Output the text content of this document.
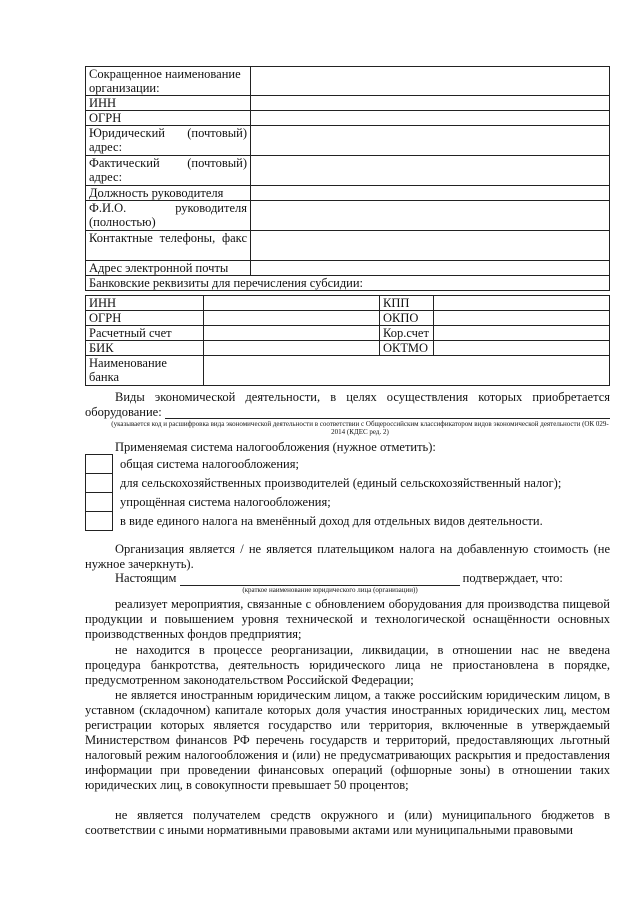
Сокращенное наименование организации:	
ИНН	
ОГРН	
Юридический (почтовый) адрес:	
Фактический (почтовый) адрес:	
Должность руководителя	
Ф.И.О. руководителя (полностью)	
Контактные телефоны, факс	
Адрес электронной почты	
Банковские реквизиты для перечисления субсидии:	
ИНН		КПП	
ОГРН		ОКПО	
Расчетный счет		Кор.счет	
БИК		ОКТМО	
Наименование банка			
Виды экономической деятельности, в целях осуществления которых приобретается оборудование:
(указывается код и расшифровка вида экономической деятельности в соответствии с Общероссийским классификатором видов экономической деятельности (ОК 029-2014 (КДЕС ред. 2)
Применяемая система налогообложения (нужное отметить):
общая система налогообложения;
для сельскохозяйственных производителей (единый сельскохозяйственный налог);
упрощённая система налогообложения;
в виде единого налога на вменённый доход для отдельных видов деятельности.
Организация является / не является плательщиком налога на добавленную стоимость (не нужное зачеркнуть).
Настоящим	подтверждает, что:
(краткое наименование юридического лица (организации))
реализует мероприятия, связанные с обновлением оборудования для производства пищевой продукции и повышением уровня технической и технологической оснащённости основных производственных фондов предприятия;
не находится в процессе реорганизации, ликвидации, в отношении нас не введена процедура банкротства, деятельность юридического лица не приостановлена в порядке, предусмотренном законодательством Российской Федерации;
не является иностранным юридическим лицом, а также российским юридическим лицом, в уставном (складочном) капитале которых доля участия иностранных юридических лиц, местом регистрации которых является государство или территория, включенные в утверждаемый Министерством финансов РФ перечень государств и территорий, предоставляющих льготный налоговый режим налогообложения и (или) не предусматривающих раскрытия и предоставления информации при проведении финансовых операций (офшорные зоны) в отношении таких юридических лиц, в совокупности превышает 50 процентов;
не является получателем средств окружного и (или) муниципального бюджетов в соответствии с иными нормативными правовыми актами или муниципальными правовыми
